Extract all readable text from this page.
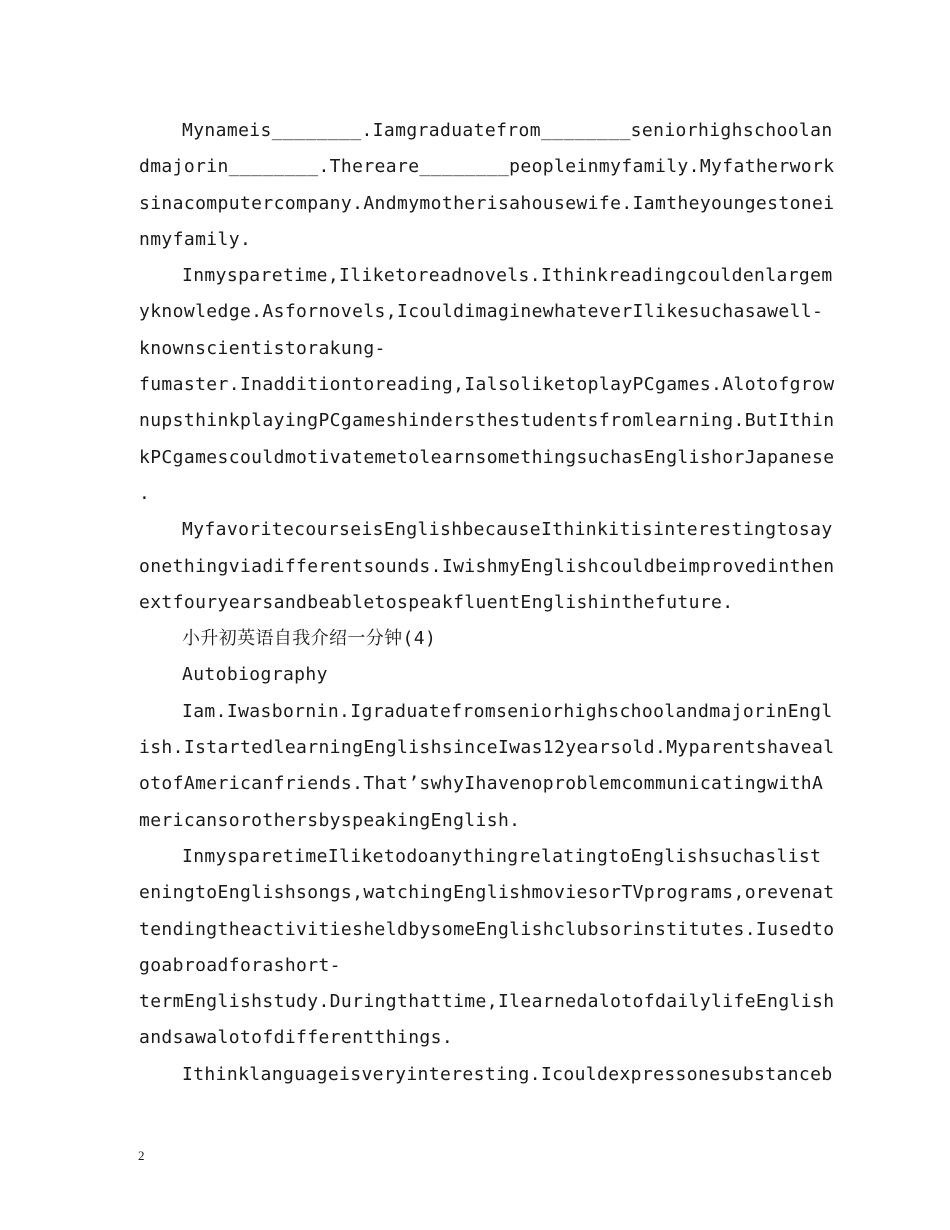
Mynameis________.Iamgraduatefrom________seniorhighschoolan
dmajorin________.Thereare________peopleinmyfamily.Myfatherwork
sinacomputercompany.Andmymotherisahousewife.Iamtheyoungestonei
nmyfamily.
Inmysparetime,Iliketoreadnovels.Ithinkreadingcouldenlargem
yknowledge.Asfornovels,IcouldimaginewhateverIlikesuchasawell-
knownscientistorakung-
fumaster.Inadditiontoreading,IalsoliketoplayPCgames.Alotofgrow
nupsthinkplayingPCgameshindersthestudentsfromlearning.ButIthin
kPCgamescouldmotivatemetolearnsomethingsuchasEnglishorJapanese
.
MyfavoritecourseisEnglishbecauseIthinkitisinterestingtosay
onethingviadifferentsounds.IwishmyEnglishcouldbeimprovedinthen
extfouryearsandbeabletospeakfluentEnglishinthefuture.
小升初英语自我介绍一分钟(4)
Autobiography
Iam.Iwasbornin.IgraduatefromseniorhighschoolandmajorinEngl
ish.IstartedlearningEnglishsinceIwas12yearsold.Myparentshaveal
otofAmericanfriends.That’swhyIhavenoproblemcommunicatingwithA
mericansorothersbyspeakingEnglish.
InmysparetimeIliketodoanythingrelatingtoEnglishsuchaslist
eningtoEnglishsongs,watchingEnglishmoviesorTVprograms,orevenat
tendingtheactivitiesheldbysomeEnglishclubsorinstitutes.Iusedto
goabroadforashort-
termEnglishstudy.Duringthattime,IlearnedalotofdailylifeEnglish
andsawalotofdifferentthings.
Ithinklanguageisveryinteresting.Icouldexpressonesubstanceb
2
